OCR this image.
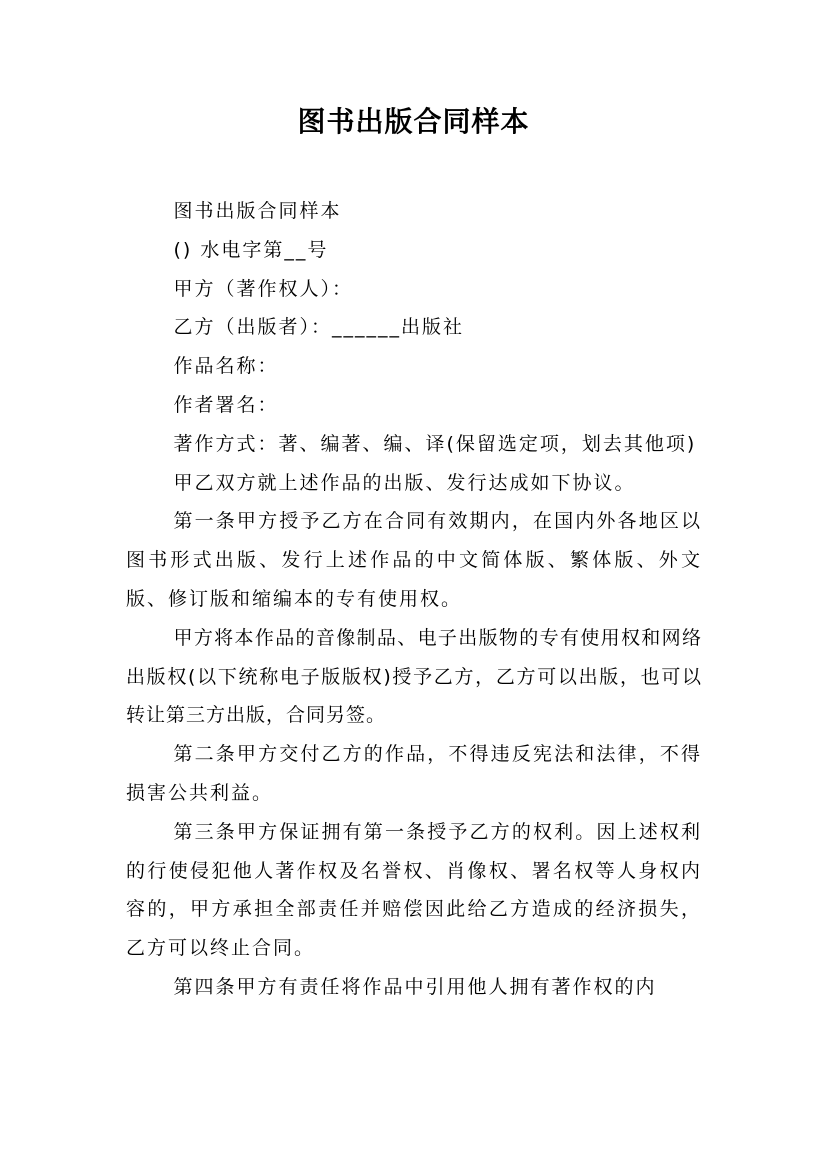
图书出版合同样本

图书出版合同样本

() 水电字第__号

甲方（著作权人）：

乙方（出版者）：______出版社

作品名称：

作者署名：

著作方式：著、编著、编、译(保留选定项，划去其他项)

甲乙双方就上述作品的出版、发行达成如下协议。

第一条甲方授予乙方在合同有效期内，在国内外各地区以图书形式出版、发行上述作品的中文简体版、繁体版、外文版、修订版和缩编本的专有使用权。

甲方将本作品的音像制品、电子出版物的专有使用权和网络出版权(以下统称电子版版权)授予乙方，乙方可以出版，也可以转让第三方出版，合同另签。

第二条甲方交付乙方的作品，不得违反宪法和法律，不得损害公共利益。

第三条甲方保证拥有第一条授予乙方的权利。因上述权利的行使侵犯他人著作权及名誉权、肖像权、署名权等人身权内容的，甲方承担全部责任并赔偿因此给乙方造成的经济损失，乙方可以终止合同。

第四条甲方有责任将作品中引用他人拥有著作权的内
